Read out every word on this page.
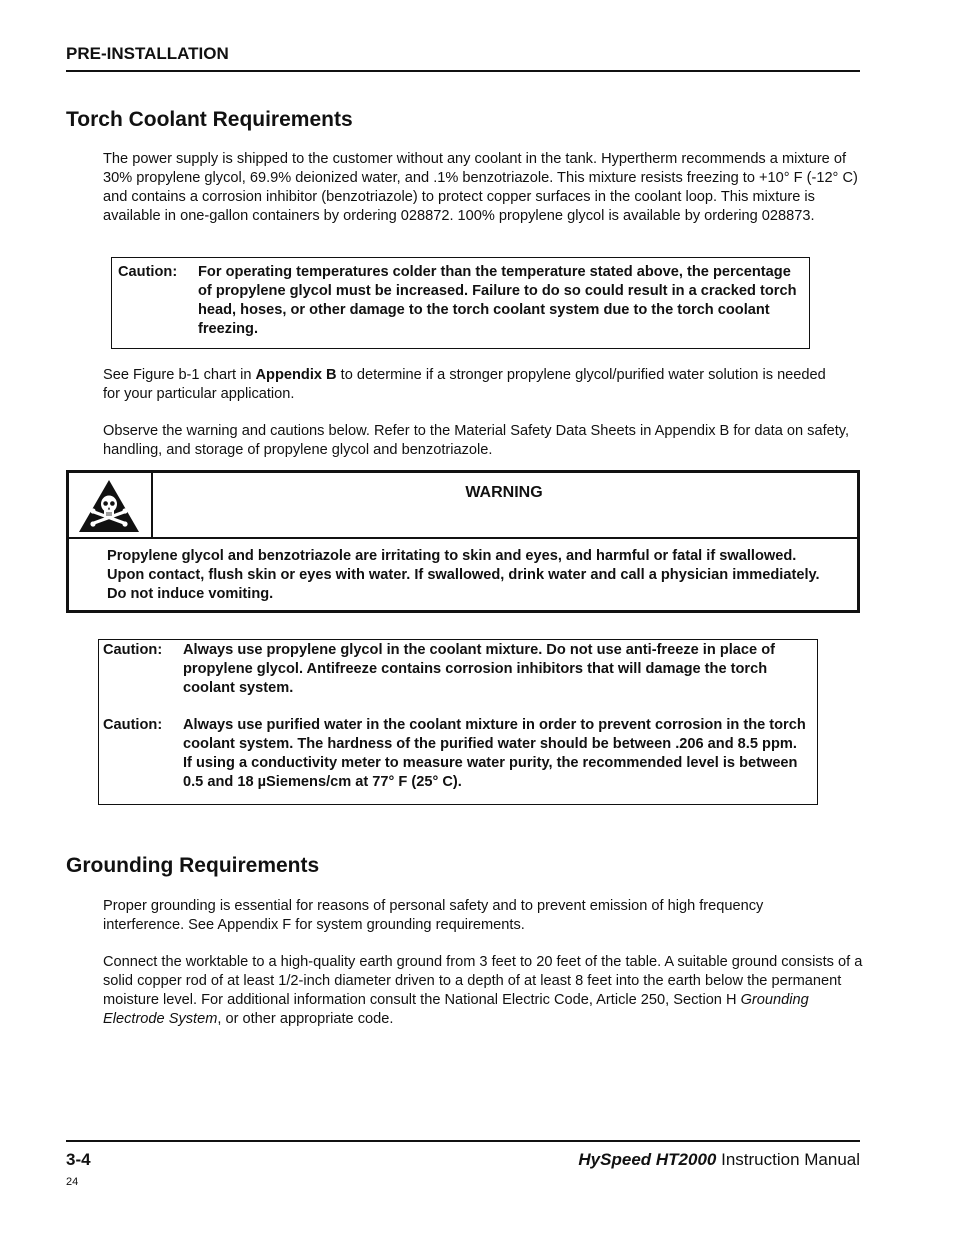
PRE-INSTALLATION
Torch Coolant Requirements

The power supply is shipped to the customer without any coolant in the tank. Hypertherm recommends a mixture of 30% propylene glycol, 69.9% deionized water, and .1% benzotriazole. This mixture resists freezing to +10° F (-12° C) and contains a corrosion inhibitor (benzotriazole) to protect copper surfaces in the coolant loop. This mixture is available in one-gallon containers by ordering 028872. 100% propylene glycol is available by ordering 028873.

Caution:	For operating temperatures colder than the temperature stated above, the percentage of propylene glycol must be increased. Failure to do so could result in a cracked torch head, hoses, or other damage to the torch coolant system due to the torch coolant freezing.

See Figure b-1 chart in Appendix B to determine if a stronger propylene glycol/purified water solution is needed for your particular application.

Observe the warning and cautions below. Refer to the Material Safety Data Sheets in Appendix B for data on safety, handling, and storage of propylene glycol and benzotriazole.

WARNING
Propylene glycol and benzotriazole are irritating to skin and eyes, and harmful or fatal if swallowed. Upon contact, flush skin or eyes with water. If swallowed, drink water and call a physician immediately. Do not induce vomiting.
Caution:	Always use propylene glycol in the coolant mixture. Do not use anti-freeze in place of propylene glycol. Antifreeze contains corrosion inhibitors that will damage the torch coolant system.
Caution:	Always use purified water in the coolant mixture in order to prevent corrosion in the torch coolant system. The hardness of the purified water should be between .206 and 8.5 ppm. If using a conductivity meter to measure water purity, the recommended level is between 0.5 and 18 µSiemens/cm at 77° F (25° C).
Grounding Requirements

Proper grounding is essential for reasons of personal safety and to prevent emission of high frequency interference. See Appendix F for system grounding requirements.

Connect the worktable to a high-quality earth ground from 3 feet to 20 feet of the table. A suitable ground consists of a solid copper rod of at least 1/2-inch diameter driven to a depth of at least 8 feet into the earth below the permanent moisture level. For additional information consult the National Electric Code, Article 250, Section H Grounding Electrode System, or other appropriate code.

3-4	HySpeed HT2000 Instruction Manual
24
